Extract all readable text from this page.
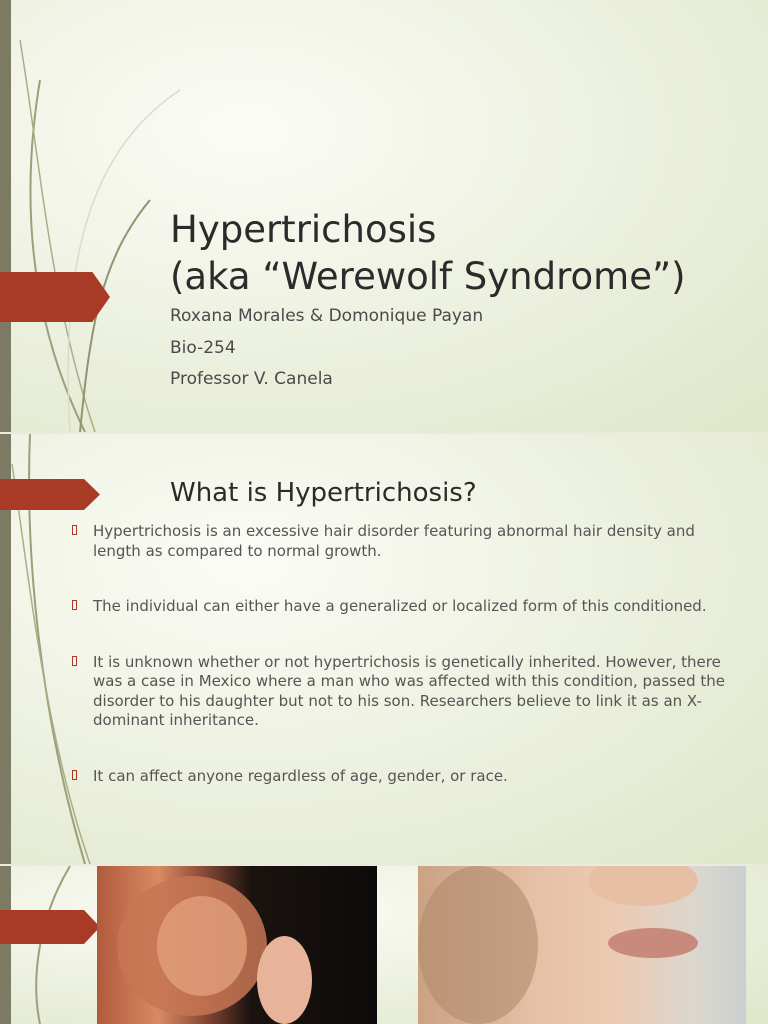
Hypertrichosis
(aka “Werewolf Syndrome”)

Roxana Morales & Domonique Payan

Bio-254

Professor V. Canela

What is Hypertrichosis?
Hypertrichosis is an excessive hair disorder featuring abnormal hair density and length as compared to normal growth.
The individual can either have a generalized or localized form of this conditioned.
It is unknown whether or not hypertrichosis is genetically inherited. However, there was a case in Mexico where a man who was affected with this condition, passed the disorder to his daughter but not to his son. Researchers believe to link it as an X-dominant inheritance.
It can affect anyone regardless of age, gender, or race.
